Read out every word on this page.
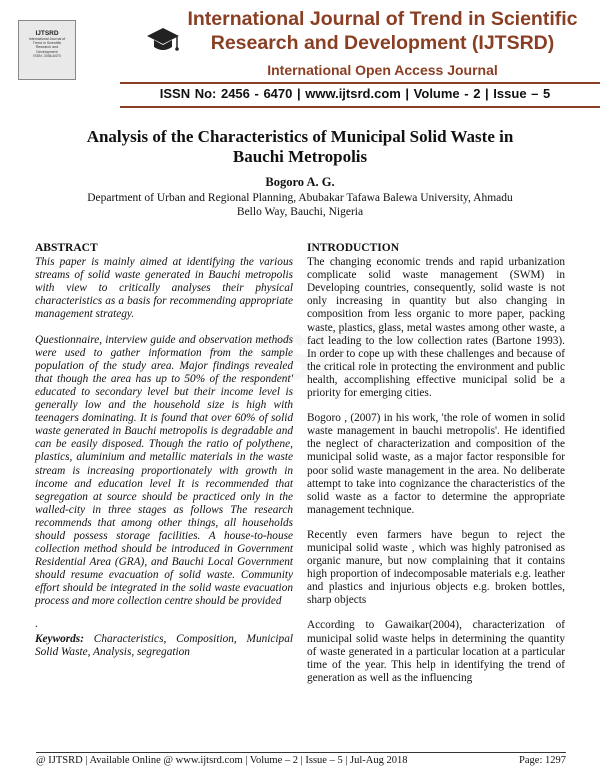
IJTSRD
International Journal of
Trend in Scientific
Research and
Development
ISSN: 2456-6470
International Journal of Trend in Scientific Research and Development (IJTSRD)
International Open Access Journal
ISSN No: 2456 - 6470 | www.ijtsrd.com | Volume - 2 | Issue – 5
Analysis of the Characteristics of Municipal Solid Waste in Bauchi Metropolis
Bogoro A. G.
Department of Urban and Regional Planning, Abubakar Tafawa Balewa University, Ahmadu Bello Way, Bauchi, Nigeria
ABSTRACT

This paper is mainly aimed at identifying the various streams of solid waste generated in Bauchi metropolis with view to critically analyses their physical characteristics as a basis for recommending appropriate management strategy.

Questionnaire, interview guide and observation methods were used to gather information from the sample population of the study area. Major findings revealed that though the area has up to 50% of the respondent' educated to secondary level but their income level is generally low and the household size is high with teenagers dominating. It is found that over 60% of solid waste generated in Bauchi metropolis is degradable and can be easily disposed. Though the ratio of polythene, plastics, aluminium and metallic materials in the waste stream is increasing proportionately with growth in income and education level It is recommended that segregation at source should be practiced only in the walled-city in three stages as follows The research recommends that among other things, all households should possess storage facilities. A house-to-house collection method should be introduced in Government Residential Area (GRA), and Bauchi Local Government should resume evacuation of solid waste. Community effort should be integrated in the solid waste evacuation process and more collection centre should be provided

.

Keywords: Characteristics, Composition, Municipal Solid Waste, Analysis, segregation
INTRODUCTION

The changing economic trends and rapid urbanization complicate solid waste management (SWM) in Developing countries, consequently, solid waste is not only increasing in quantity but also changing in composition from less organic to more paper, packing waste, plastics, glass, metal wastes among other waste, a fact leading to the low collection rates (Bartone 1993). In order to cope up with these challenges and because of the critical role in protecting the environment and public health, accomplishing effective municipal solid be a priority for emerging cities.

Bogoro , (2007) in his work, 'the role of women in solid waste management in bauchi metropolis'. He identified the neglect of characterization and composition of the municipal solid waste, as a major factor responsible for poor solid waste management in the area. No deliberate attempt to take into cognizance the characteristics of the solid waste as a factor to determine the appropriate management technique.

Recently even farmers have begun to reject the municipal solid waste , which was highly patronised as organic manure, but now complaining that it contains high proportion of indecomposable materials e.g. leather and plastics and injurious objects e.g. broken bottles, sharp objects

According to Gawaikar(2004), characterization of municipal solid waste helps in determining the quantity of waste generated in a particular location at a particular time of the year. This help in identifying the trend of generation as well as the influencing

@ IJTSRD | Available Online @ www.ijtsrd.com | Volume – 2 | Issue – 5 | Jul-Aug 2018	Page: 1297
